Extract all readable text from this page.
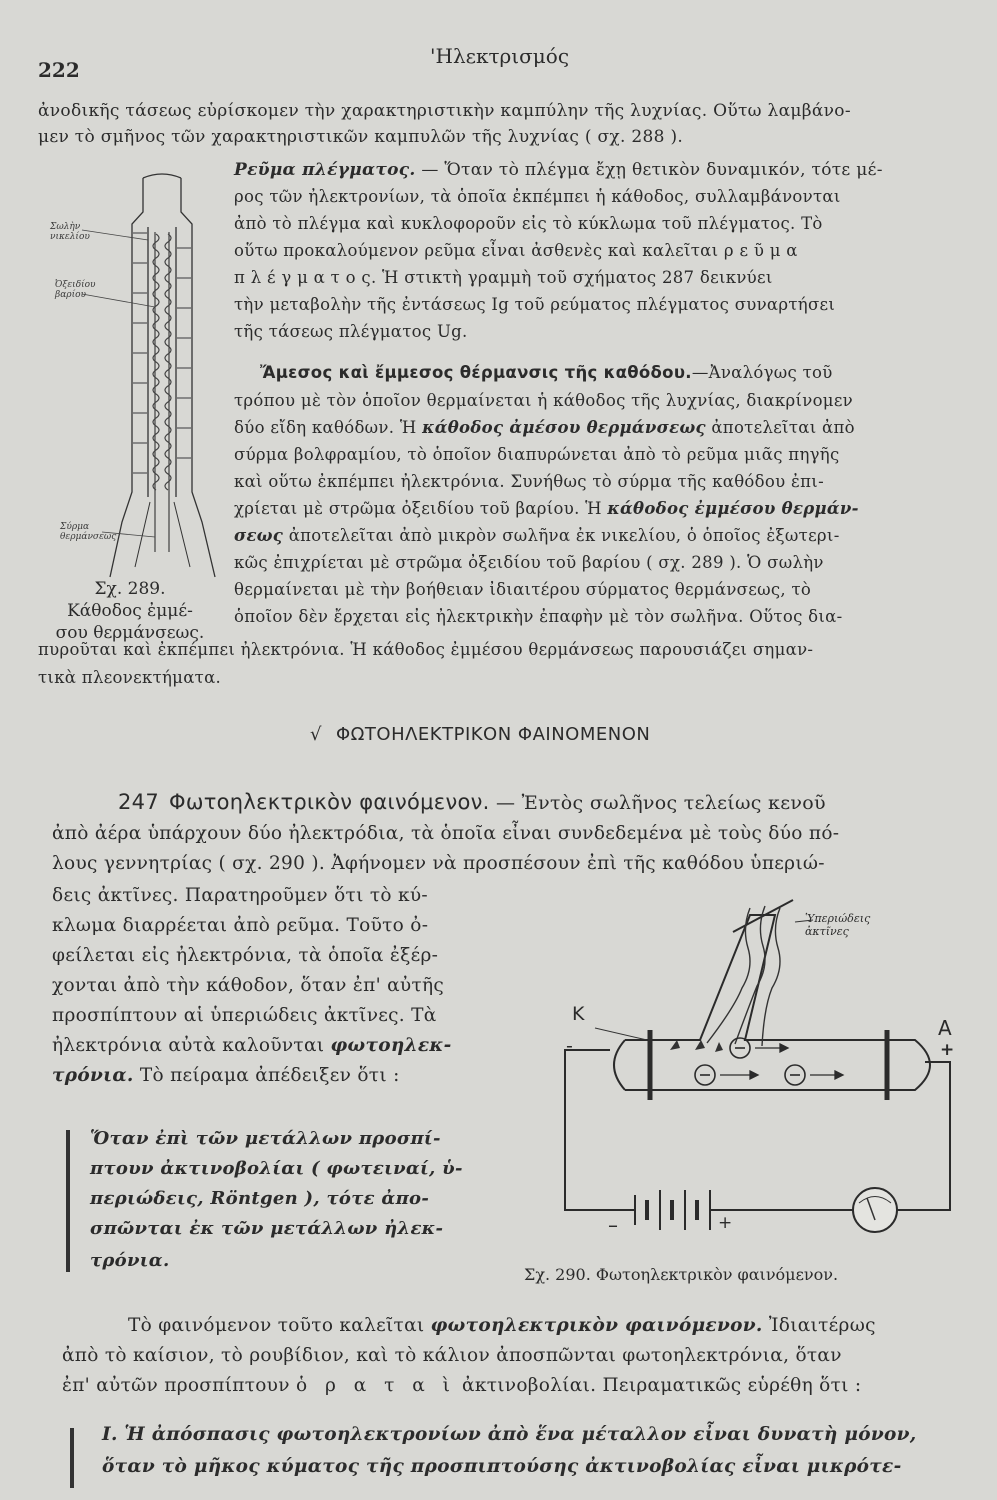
222
'Ηλεκτρισμός
ἀνοδικῆς τάσεως εὑρίσκομεν τὴν χαρακτηριστικὴν καμπύλην τῆς λυχνίας. Οὕτω λαμβάνο-
μεν τὸ σμῆνος τῶν χαρακτηριστικῶν καμπυλῶν τῆς λυχνίας ( σχ. 288 ).
Ρεῦμα πλέγματος. — Ὅταν τὸ πλέγμα ἔχῃ θετικὸν δυναμικόν, τότε μέ-
ρος τῶν ἠλεκτρονίων, τὰ ὁποῖα ἐκπέμπει ἡ κάθοδος, συλλαμβάνονται
ἀπὸ τὸ πλέγμα καὶ κυκλοφοροῦν εἰς τὸ κύκλωμα τοῦ πλέγματος. Τὸ
οὕτω προκαλούμενον ρεῦμα εἶναι ἀσθενὲς καὶ καλεῖται ρ ε ῦ μ α
π λ έ γ μ α τ ο ς. Ἡ στικτὴ γραμμὴ τοῦ σχήματος 287 δεικνύει
τὴν μεταβολὴν τῆς ἐντάσεως Ig τοῦ ρεύματος πλέγματος συναρτήσει
τῆς τάσεως πλέγματος Ug.
Ἄμεσος καὶ ἔμμεσος θέρμανσις τῆς καθόδου.—Ἀναλόγως τοῦ
τρόπου μὲ τὸν ὁποῖον θερμαίνεται ἡ κάθοδος τῆς λυχνίας, διακρίνομεν
δύο εἴδη καθόδων. Ἡ κάθοδος ἀμέσου θερμάνσεως ἀποτελεῖται ἀπὸ
σύρμα βολφραμίου, τὸ ὁποῖον διαπυρώνεται ἀπὸ τὸ ρεῦμα μιᾶς πηγῆς
καὶ οὕτω ἐκπέμπει ἠλεκτρόνια. Συνήθως τὸ σύρμα τῆς καθόδου ἐπι-
χρίεται μὲ στρῶμα ὀξειδίου τοῦ βαρίου. Ἡ κάθοδος ἐμμέσου θερμάν-
σεως ἀποτελεῖται ἀπὸ μικρὸν σωλῆνα ἐκ νικελίου, ὁ ὁποῖος ἐξωτερι-
κῶς ἐπιχρίεται μὲ στρῶμα ὀξειδίου τοῦ βαρίου ( σχ. 289 ). Ὁ σωλὴν
θερμαίνεται μὲ τὴν βοήθειαν ἰδιαιτέρου σύρματος θερμάνσεως, τὸ
ὁποῖον δὲν ἔρχεται εἰς ἠλεκτρικὴν ἐπαφὴν μὲ τὸν σωλῆνα. Οὕτος δια-
πυροῦται καὶ ἐκπέμπει ἠλεκτρόνια. Ἡ κάθοδος ἐμμέσου θερμάνσεως παρουσιάζει σημαν-
τικὰ πλεονεκτήματα.
Σωλὴν
νικελίου
Ὀξειδίου
βαρίου
Σύρμα
θερμάνσεως
Σχ. 289.
Κάθοδος ἐμμέ-
σου θερμάνσεως.
√ ΦΩΤΟΗΛΕΚΤΡΙΚΟΝ ΦΑΙΝΟΜΕΝΟΝ
247 Φωτοηλεκτρικὸν φαινόμενον. — Ἐντὸς σωλῆνος τελείως κενοῦ
ἀπὸ ἀέρα ὑπάρχουν δύο ἠλεκτρόδια, τὰ ὁποῖα εἶναι συνδεδεμένα μὲ τοὺς δύο πό-
λους γεννητρίας ( σχ. 290 ). Ἀφήνομεν νὰ προσπέσουν ἐπὶ τῆς καθόδου ὑπεριώ-
δεις ἀκτῖνες. Παρατηροῦμεν ὅτι τὸ κύ-
κλωμα διαρρέεται ἀπὸ ρεῦμα. Τοῦτο ὀ-
φείλεται εἰς ἠλεκτρόνια, τὰ ὁποῖα ἐξέρ-
χονται ἀπὸ τὴν κάθοδον, ὅταν ἐπ' αὐτῆς
προσπίπτουν αἱ ὑπεριώδεις ἀκτῖνες. Τὰ
ἠλεκτρόνια αὐτὰ καλοῦνται φωτοηλεκ-
τρόνια. Τὸ πείραμα ἀπέδειξεν ὅτι :
Ὅταν ἐπὶ τῶν μετάλλων προσπί-
πτουν ἀκτινοβολίαι ( φωτειναί, ὑ-
περιώδεις, Röntgen ), τότε ἀπο-
σπῶνται ἐκ τῶν μετάλλων ἠλεκ-
τρόνια.
K
-
A
+
Ὑπεριώδεις
ἀκτῖνες
–	+
Σχ. 290. Φωτοηλεκτρικὸν φαινόμενον.
Τὸ φαινόμενον τοῦτο καλεῖται φωτοηλεκτρικὸν φαινόμενον. Ἰδιαιτέρως
ἀπὸ τὸ καίσιον, τὸ ρουβίδιον, καὶ τὸ κάλιον ἀποσπῶνται φωτοηλεκτρόνια, ὅταν
ἐπ' αὐτῶν προσπίπτουν ὁ ρ α τ α ὶ ἀκτινοβολίαι. Πειραματικῶς εὑρέθη ὅτι :
I. Ἡ ἀπόσπασις φωτοηλεκτρονίων ἀπὸ ἕνα μέταλλον εἶναι δυνατὴ μόνον,
ὅταν τὸ μῆκος κύματος τῆς προσπιπτούσης ἀκτινοβολίας εἶναι μικρότε-
